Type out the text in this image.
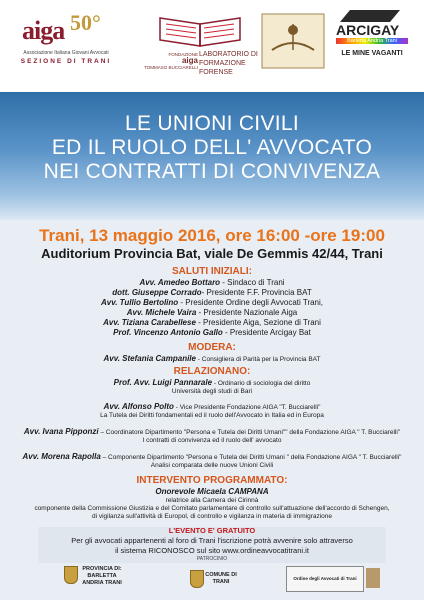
aiga 50°
Associazione Italiana Giovani Avvocati
SEZIONE DI TRANI
FONDAZIONE
aiga
TOMMASO BUCCIARELLI
LABORATORIO DI FORMAZIONE FORENSE
ARCIGAY
Barletta Andria Trani
LE MINE VAGANTI
LE UNIONI CIVILI
ED IL RUOLO DELL' AVVOCATO
NEI CONTRATTI DI CONVIVENZA
Trani, 13 maggio 2016, ore 16:00 -ore 19:00
Auditorium Provincia Bat, viale De Gemmis 42/44, Trani
SALUTI INIZIALI:
Avv. Amedeo Bottaro - Sindaco di Trani
dott. Giuseppe Corrado- Presidente F.F. Provincia BAT
Avv. Tullio Bertolino - Presidente Ordine degli Avvocati Trani,
Avv. Michele Vaira - Presidente Nazionale Aiga
Avv. Tiziana Carabellese - Presidente Aiga, Sezione di Trani
Prof. Vincenzo Antonio Gallo - Presidente Arcigay Bat
MODERA:
Avv. Stefania Campanile - Consigliera di Parità per la Provincia BAT
RELAZIONANO:
Prof. Avv. Luigi Pannarale - Ordinario di sociologia del diritto
Università degli studi di Bari
Avv. Alfonso Polto - Vice Presidente Fondazione AIGA "T. Bucciarelli"
La Tutela dei Diritti fondamentali ed il ruolo dell'Avvocato in Italia ed in Europa
Avv. Ivana Pipponzi – Coordinatore Dipartimento "Persona e Tutela dei Diritti Umani"" della Fondazione AIGA " T. Bucciarelli"
I contratti di convivenza ed il ruolo dell' avvocato
Avv. Morena Rapolla – Componente Dipartimento "Persona e Tutela dei Diritti Umani " della Fondazione AIGA " T. Bucciarelli"
Analisi comparata delle nuove Unioni Civili
INTERVENTO PROGRAMMATO:
Onorevole Micaela CAMPANA
relatrice alla Camera dei Cirinnà
componente della Commissione Giustizia e del Comitato parlamentare di controllo sull'attuazione dell'accordo di Schengen,
di vigilanza sull'attività di Europol, di controllo e vigilanza in materia di immigrazione
L'EVENTO E' GRATUITO
Per gli avvocati appartenenti al foro di Trani l'iscrizione potrà avvenire solo attraverso
il sistema RICONOSCO sul sito www.ordineavvocatitrani.it
PATROCINIO
PROVINCIA DI: BARLETTA ANDRIA TRANI
COMUNE DI TRANI
Ordine degli Avvocati di Trani
